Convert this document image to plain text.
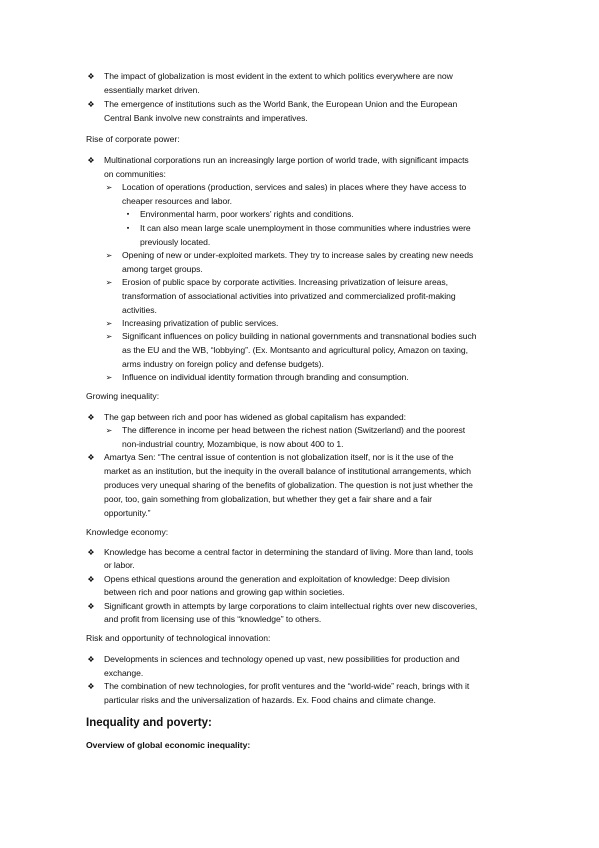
❖ The impact of globalization is most evident in the extent to which politics everywhere are now
essentially market driven.
❖ The emergence of institutions such as the World Bank, the European Union and the European
Central Bank involve new constraints and imperatives.
Rise of corporate power:
❖ Multinational corporations run an increasingly large portion of world trade, with significant impacts
on communities:
➢ Location of operations (production, services and sales) in places where they have access to
cheaper resources and labor.
▪	Environmental harm, poor workers’ rights and conditions.
▪	It can also mean large scale unemployment in those communities where industries were
previously located.
➢ Opening of new or under-exploited markets. They try to increase sales by creating new needs
among target groups.
➢ Erosion of public space by corporate activities. Increasing privatization of leisure areas,
transformation of associational activities into privatized and commercialized profit-making
activities.
➢ Increasing privatization of public services.
➢ Significant influences on policy building in national governments and transnational bodies such
as the EU and the WB, “lobbying”. (Ex. Montsanto and agricultural policy, Amazon on taxing,
arms industry on foreign policy and defense budgets).
➢ Influence on individual identity formation through branding and consumption.
Growing inequality:
❖ The gap between rich and poor has widened as global capitalism has expanded:
➢ The difference in income per head between the richest nation (Switzerland) and the poorest
non-industrial country, Mozambique, is now about 400 to 1.
❖ Amartya Sen: “The central issue of contention is not globalization itself, nor is it the use of the
market as an institution, but the inequity in the overall balance of institutional arrangements, which
produces very unequal sharing of the benefits of globalization. The question is not just whether the
poor, too, gain something from globalization, but whether they get a fair share and a fair
opportunity.”
Knowledge economy:
❖ Knowledge has become a central factor in determining the standard of living. More than land, tools
or labor.
❖ Opens ethical questions around the generation and exploitation of knowledge: Deep division
between rich and poor nations and growing gap within societies.
❖ Significant growth in attempts by large corporations to claim intellectual rights over new discoveries,
and profit from licensing use of this “knowledge” to others.
Risk and opportunity of technological innovation:
❖ Developments in sciences and technology opened up vast, new possibilities for production and
exchange.
❖ The combination of new technologies, for profit ventures and the “world-wide” reach, brings with it
particular risks and the universalization of hazards. Ex. Food chains and climate change.
Inequality and poverty:
Overview of global economic inequality:
